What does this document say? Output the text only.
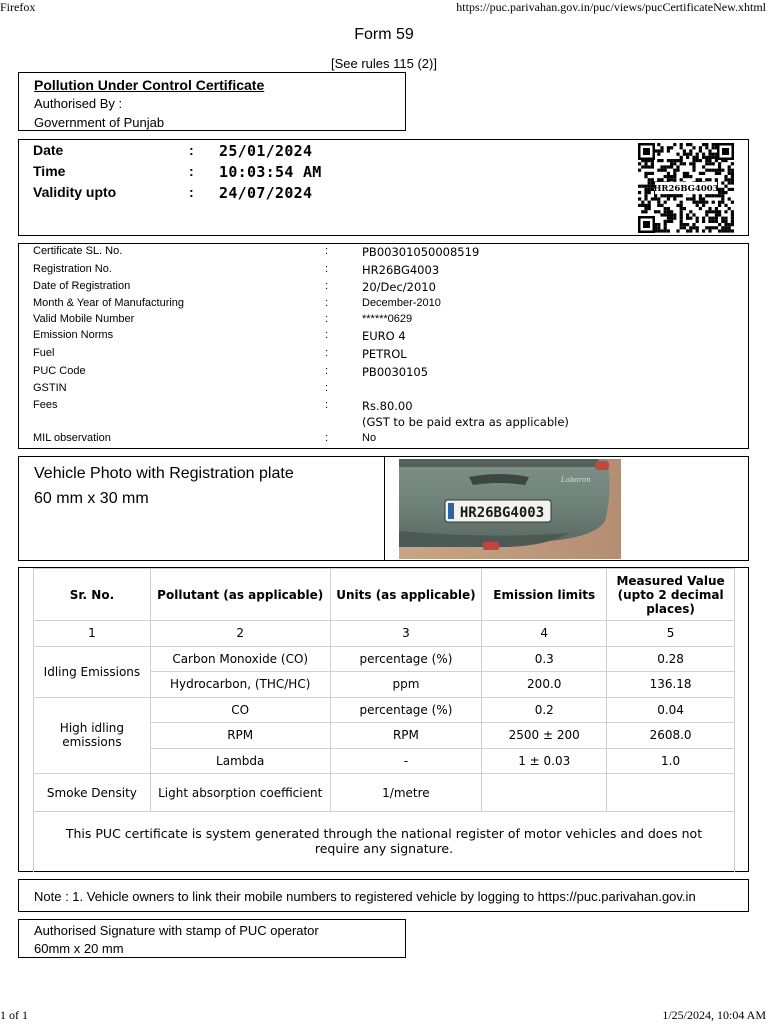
Firefox	https://puc.parivahan.gov.in/puc/views/pucCertificateNew.xhtml
1 of 1	1/25/2024, 10:04 AM
Form 59
[See rules 115 (2)]
Pollution Under Control Certificate
Authorised By :
Government of Punjab
Date	: 25/01/2024
Time	: 10:03:54 AM
Validity upto	: 24/07/2024	HR26BG4003
Certificate SL. No.	:	PB00301050008519
Registration No.	:	HR26BG4003
Date of Registration	:	20/Dec/2010
Month & Year of Manufacturing	:	December-2010
Valid Mobile Number	:	******0629
Emission Norms	:	EURO 4
Fuel	:	PETROL
PUC Code	:	PB0030105
GSTIN	:
Fees	:	Rs.80.00
(GST to be paid extra as applicable)
MIL observation	:	No
Vehicle Photo with Registration plate
60 mm x 30 mm
HR26BG4003
Laboron
Sr. No.	Pollutant (as applicable)	Units (as applicable)	Emission limits	Measured Value (upto 2 decimal places)
1	2	3	4	5
Idling Emissions	Carbon Monoxide (CO)	percentage (%)	0.3	0.28
	Hydrocarbon, (THC/HC)	ppm	200.0	136.18
High idling emissions	CO	percentage (%)	0.2	0.04
	RPM	RPM	2500 ± 200	2608.0
	Lambda	-	1 ± 0.03	1.0
Smoke Density	Light absorption coefficient	1/metre		
This PUC certificate is system generated through the national register of motor vehicles and does not require any signature.
Note : 1. Vehicle owners to link their mobile numbers to registered vehicle by logging to https://puc.parivahan.gov.in
Authorised Signature with stamp of PUC operator
60mm x 20 mm
